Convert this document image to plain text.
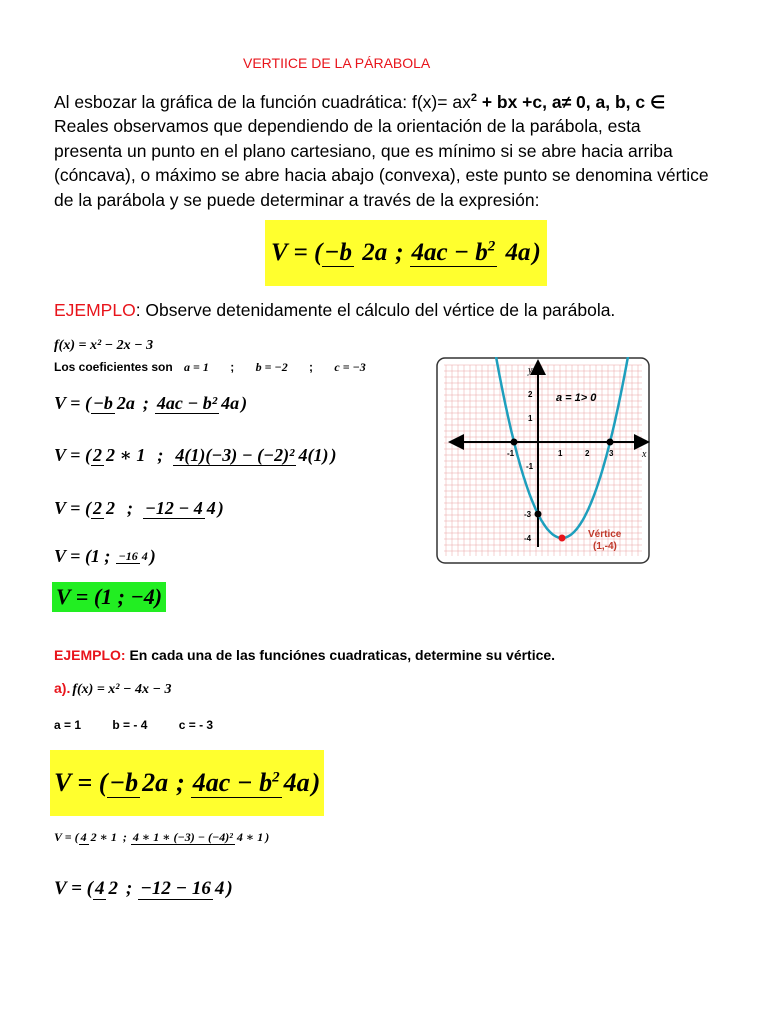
VERTIICE DE LA PÁRABOLA
Al esbozar la gráfica de la función cuadrática: $f(x)= ax^2$ + bx +c, a≠ 0, a, b, c ∈
Reales observamos que dependiendo de la orientación de la parábola, esta
presenta un punto en el plano cartesiano, que es mínimo si se abre hacia arriba
(cóncava), o máximo se abre hacia abajo (convexa), este punto se denomina vértice
de la parábola y se puede determinar a través de la expresión:
V = ( −b 2a ; $4ac - b^2$ 4a )
EJEMPLO: Observe detenidamente el cálculo del vértice de la parábola.
f(x) = x² − 2x − 3
Los coeficientes son a = 1 ; b = −2 ; c = −3
V = ( −b 2a ; 4ac − b² 4a )
V = ( 2 2 ∗ 1 ; 4(1)(−3) − (−2)² 4(1) )
V = ( 2 2 ; −12 − 4 4 )
V = (1 ; −16 4 )
V = (1 ; −4)
x
y
a = 1> 0
-1	1	2 3
2
1
-1
-3
-4	Vértice
(1,-4)
EJEMPLO: En cada una de las funciónes cuadraticas, determine su vértice.
a). f(x) = x² − 4x − 3
a = 1	b = - 4	c = - 3
V = ( −b 2a ; $4ac - b^2$ 4a )
V = ( 4 2 ∗ 1 ; 4 ∗ 1 ∗ (−3) − (−4)² 4 ∗ 1 )
V = ( 4 2 ; −12 − 16 4 )
